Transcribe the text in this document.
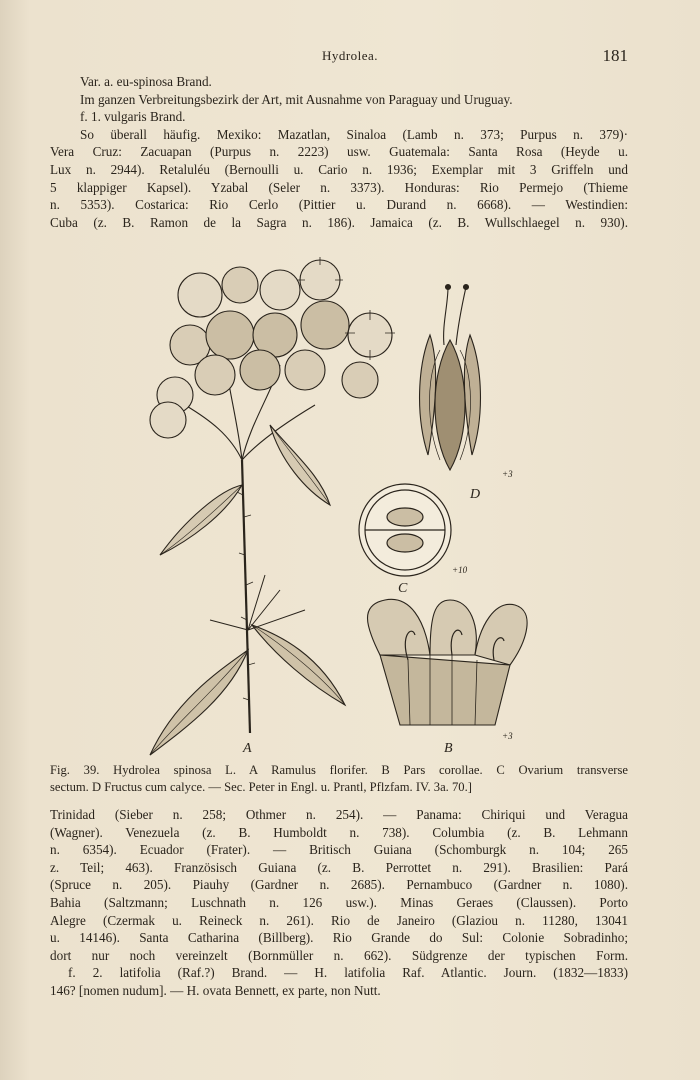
Hydrolea.	181
Var. a. eu-spinosa Brand.
Im ganzen Verbreitungsbezirk der Art, mit Ausnahme von Paraguay und Uruguay.
f. 1. vulgaris Brand.
So überall häufig. Mexiko: Mazatlan, Sinaloa (Lamb n. 373; Purpus n. 379)·
Vera Cruz: Zacuapan (Purpus n. 2223) usw. Guatemala: Santa Rosa (Heyde u.
Lux n. 2944). Retaluléu (Bernoulli u. Cario n. 1936; Exemplar mit 3 Griffeln und
5 klappiger Kapsel). Yzabal (Seler n. 3373). Honduras: Rio Permejo (Thieme
n. 5353). Costarica: Rio Cerlo (Pittier u. Durand n. 6668). — Westindien:
Cuba (z. B. Ramon de la Sagra n. 186). Jamaica (z. B. Wullschlaegel n. 930).
A	B
C
D
+3
+10
+3
Fig. 39. Hydrolea spinosa L. A Ramulus florifer. B Pars corollae. C Ovarium transverse
sectum. D Fructus cum calyce. — Sec. Peter in Engl. u. Prantl, Pflzfam. IV. 3a. 70.]
Trinidad (Sieber n. 258; Othmer n. 254). — Panama: Chiriqui und Veragua
(Wagner). Venezuela (z. B. Humboldt n. 738). Columbia (z. B. Lehmann
n. 6354). Ecuador (Frater). — Britisch Guiana (Schomburgk n. 104; 265
z. Teil; 463). Französisch Guiana (z. B. Perrottet n. 291). Brasilien: Pará
(Spruce n. 205). Piauhy (Gardner n. 2685). Pernambuco (Gardner n. 1080).
Bahia (Saltzmann; Luschnath n. 126 usw.). Minas Geraes (Claussen). Porto
Alegre (Czermak u. Reineck n. 261). Rio de Janeiro (Glaziou n. 11280, 13041
u. 14146). Santa Catharina (Billberg). Rio Grande do Sul: Colonie Sobradinho;
dort nur noch vereinzelt (Bornmüller n. 662). Südgrenze der typischen Form.
f. 2. latifolia (Raf.?) Brand. — H. latifolia Raf. Atlantic. Journ. (1832—1833)
146? [nomen nudum]. — H. ovata Bennett, ex parte, non Nutt.
